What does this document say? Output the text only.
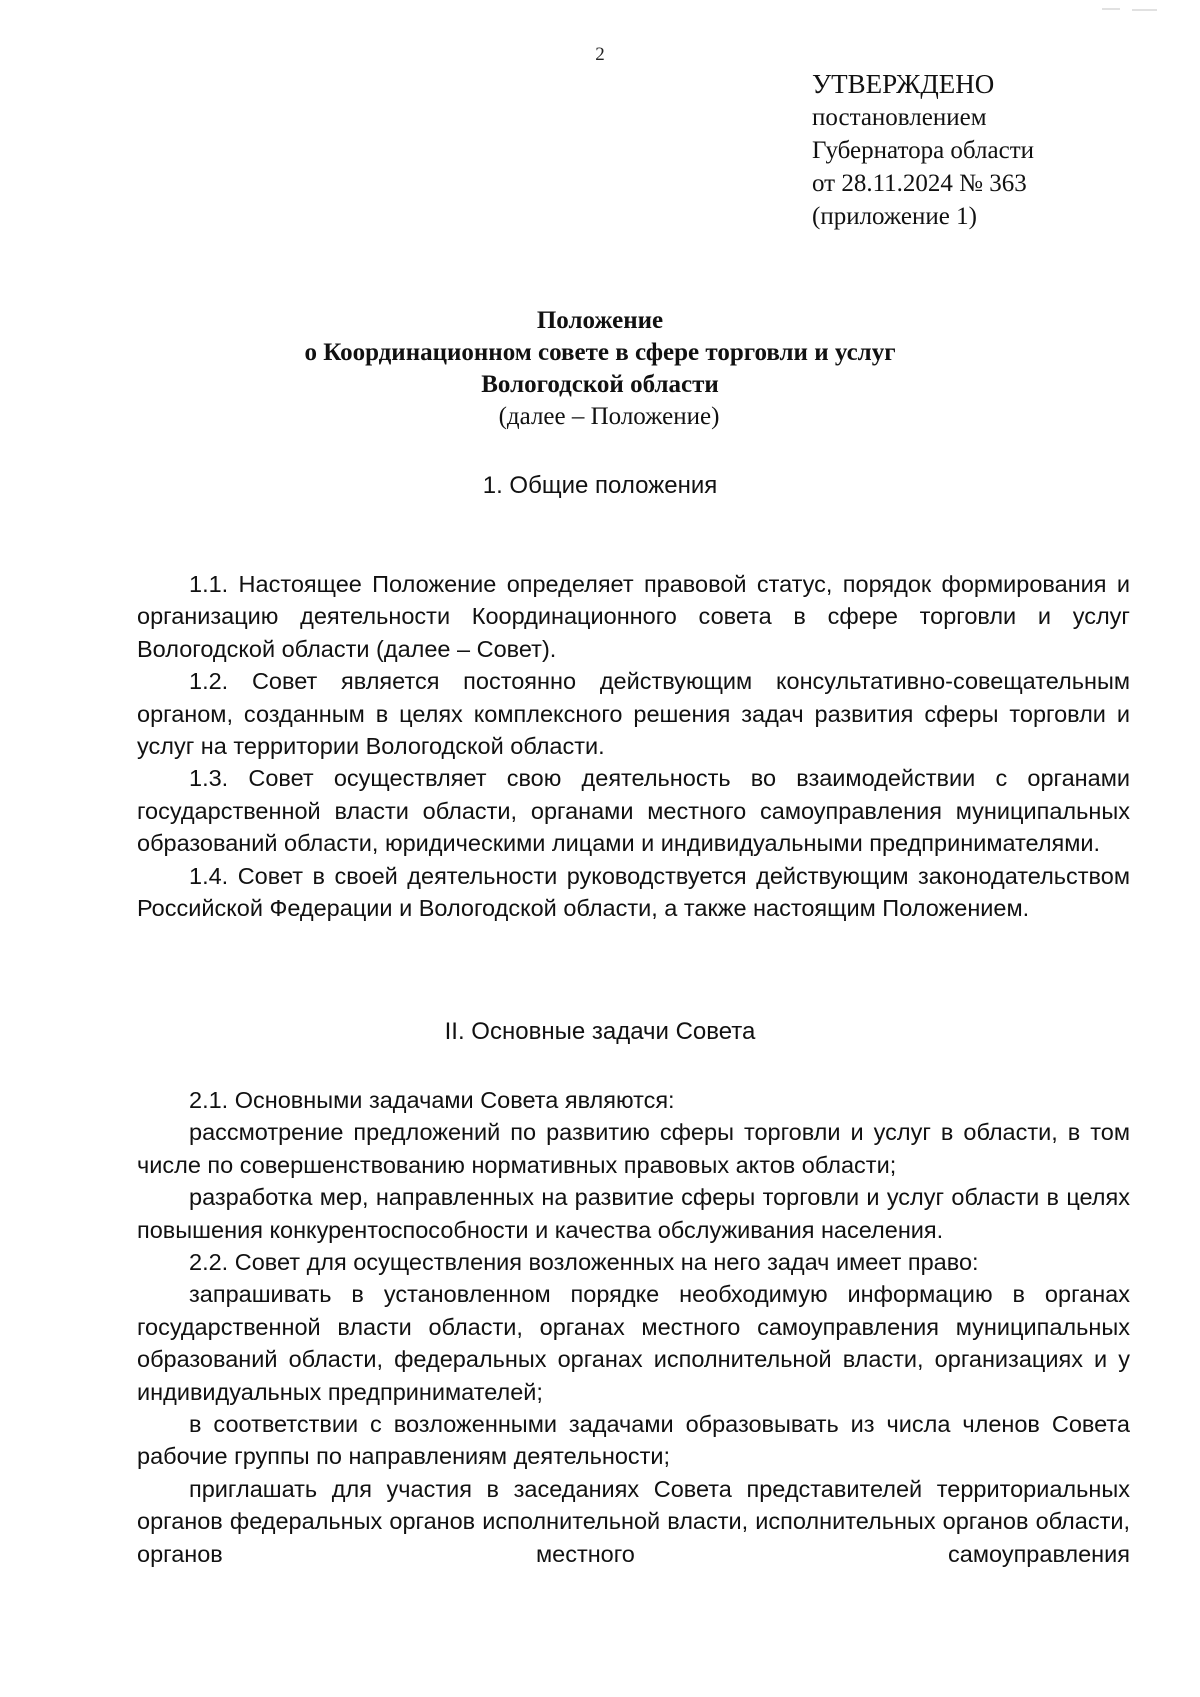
2
УТВЕРЖДЕНО
постановлением
Губернатора области
от 28.11.2024 № 363
(приложение 1)
Положение
о Координационном совете в сфере торговли и услуг
Вологодской области
(далее – Положение)
1. Общие положения

1.1. Настоящее Положение определяет правовой статус, порядок формирования и организацию деятельности Координационного совета в сфере торговли и услуг Вологодской области (далее – Совет).

1.2. Совет является постоянно действующим консультативно-совещательным органом, созданным в целях комплексного решения задач развития сферы торговли и услуг на территории Вологодской области.

1.3. Совет осуществляет свою деятельность во взаимодействии с органами государственной власти области, органами местного самоуправления муниципальных образований области, юридическими лицами и индивидуальными предпринимателями.

1.4. Совет в своей деятельности руководствуется действующим законодательством Российской Федерации и Вологодской области, а также настоящим Положением.

II. Основные задачи Совета

2.1. Основными задачами Совета являются:

рассмотрение предложений по развитию сферы торговли и услуг в области, в том числе по совершенствованию нормативных правовых актов области;

разработка мер, направленных на развитие сферы торговли и услуг области в целях повышения конкурентоспособности и качества обслуживания населения.

2.2. Совет для осуществления возложенных на него задач имеет право:

запрашивать в установленном порядке необходимую информацию в органах государственной власти области, органах местного самоуправления муниципальных образований области, федеральных органах исполнительной власти, организациях и у индивидуальных предпринимателей;

в соответствии с возложенными задачами образовывать из числа членов Совета рабочие группы по направлениям деятельности;

приглашать для участия в заседаниях Совета представителей территориальных органов федеральных органов исполнительной власти, исполнительных органов области, органов местного самоуправления
